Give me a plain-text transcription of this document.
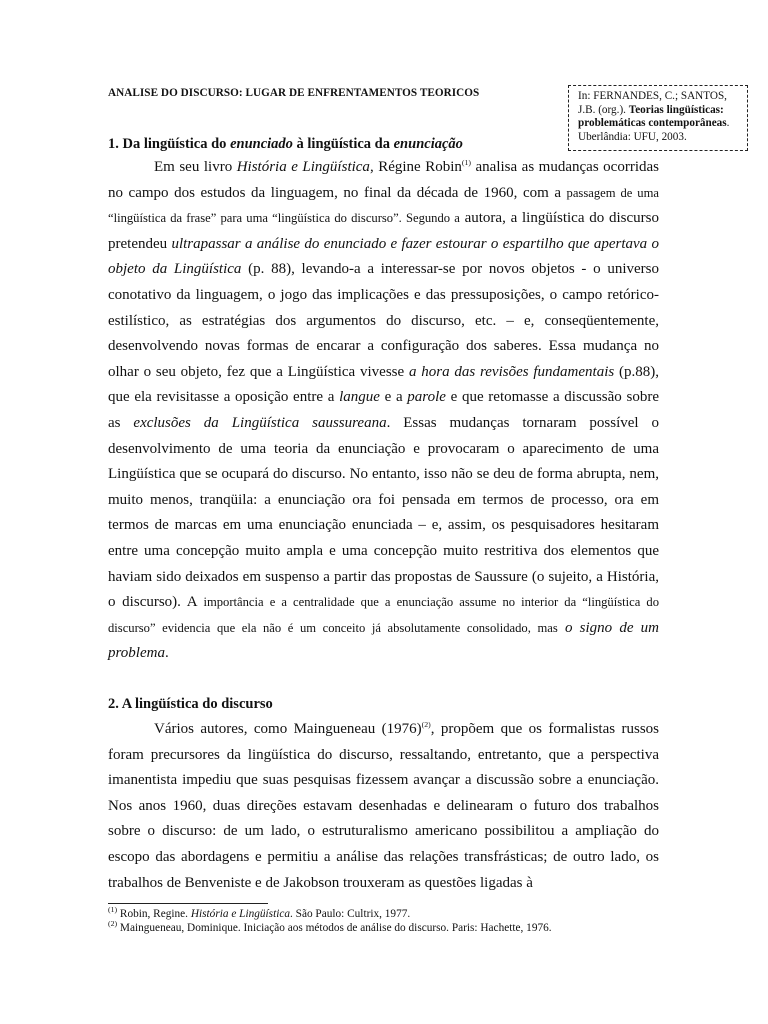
ANALISE DO DISCURSO: LUGAR DE ENFRENTAMENTOS TEORICOS	In: FERNANDES, C.; SANTOS,
J.B. (org.). Teorias lingüísticas:
problemáticas contemporâneas.
Uberlândia: UFU, 2003.
1. Da lingüística do enunciado à lingüística da enunciação

Em seu livro História e Lingüística, Régine Robin$^{(1)}$ analisa as mudanças ocorridas no campo dos estudos da linguagem, no final da década de 1960, com a passagem de uma “lingüística da frase” para uma “lingüística do discurso”. Segundo a autora, a lingüística do discurso pretendeu ultrapassar a análise do enunciado e fazer estourar o espartilho que apertava o objeto da Lingüística (p. 88), levando-a a interessar-se por novos objetos - o universo conotativo da linguagem, o jogo das implicações e das pressuposições, o campo retórico-estilístico, as estratégias dos argumentos do discurso, etc. – e, conseqüentemente, desenvolvendo novas formas de encarar a configuração dos saberes. Essa mudança no olhar o seu objeto, fez que a Lingüística vivesse a hora das revisões fundamentais (p.88), que ela revisitasse a oposição entre a langue e a parole e que retomasse a discussão sobre as exclusões da Lingüística saussureana. Essas mudanças tornaram possível o desenvolvimento de uma teoria da enunciação e provocaram o aparecimento de uma Lingüística que se ocupará do discurso. No entanto, isso não se deu de forma abrupta, nem, muito menos, tranqüila: a enunciação ora foi pensada em termos de processo, ora em termos de marcas em uma enunciação enunciada – e, assim, os pesquisadores hesitaram entre uma concepção muito ampla e uma concepção muito restritiva dos elementos que haviam sido deixados em suspenso a partir das propostas de Saussure (o sujeito, a História, o discurso). A importância e a centralidade que a enunciação assume no interior da “lingüística do discurso” evidencia que ela não é um conceito já absolutamente consolidado, mas o signo de um problema.

2. A lingüística do discurso

Vários autores, como Maingueneau $(1976)^{(2)}$, propõem que os formalistas russos foram precursores da lingüística do discurso, ressaltando, entretanto, que a perspectiva imanentista impediu que suas pesquisas fizessem avançar a discussão sobre a enunciação. Nos anos 1960, duas direções estavam desenhadas e delinearam o futuro dos trabalhos sobre o discurso: de um lado, o estruturalismo americano possibilitou a ampliação do escopo das abordagens e permitiu a análise das relações transfrásticas; de outro lado, os trabalhos de Benveniste e de Jakobson trouxeram as questões ligadas à

$^{(1)}$ Robin, Regine. História e Lingüística. São Paulo: Cultrix, 1977.

$^{(2)}$ Maingueneau, Dominique. Iniciação aos métodos de análise do discurso. Paris: Hachette, 1976.
